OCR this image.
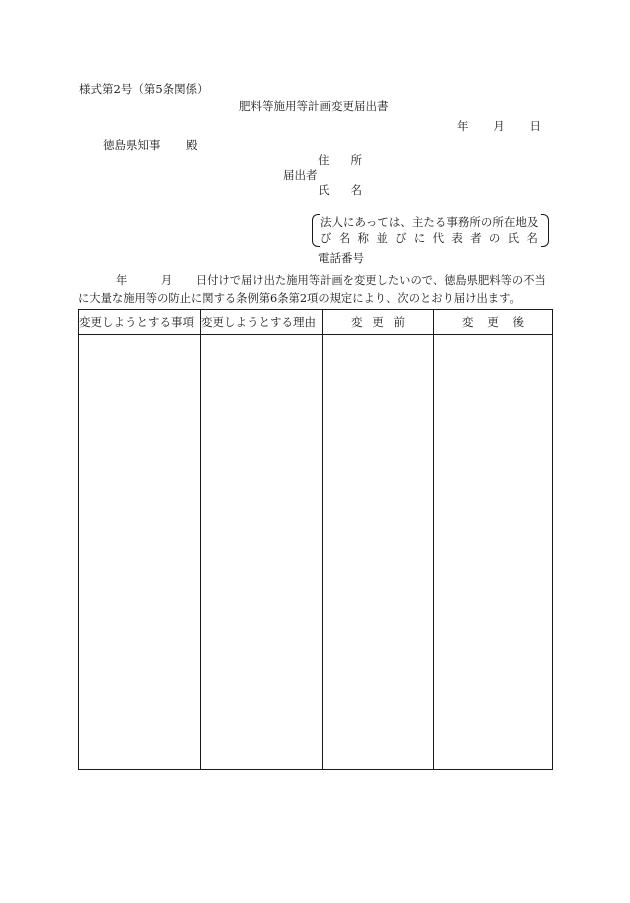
様式第2号（第5条関係）
肥料等施用等計画変更届出書
年 月 日
徳島県知事 殿
住 所
届出者
氏 名
法人にあっては、主たる事務所の所在地及
び 名 称 並 び に 代 表 者 の 氏 名
電話番号
年	月 日付けで届け出た施用等計画を変更したいので、徳島県肥料等の不当
に大量な施用等の防止に関する条例第6条第2項の規定により、次のとおり届け出ます。
変更しようとする事項	変更しようとする理由	変 更 前	変 更 後
